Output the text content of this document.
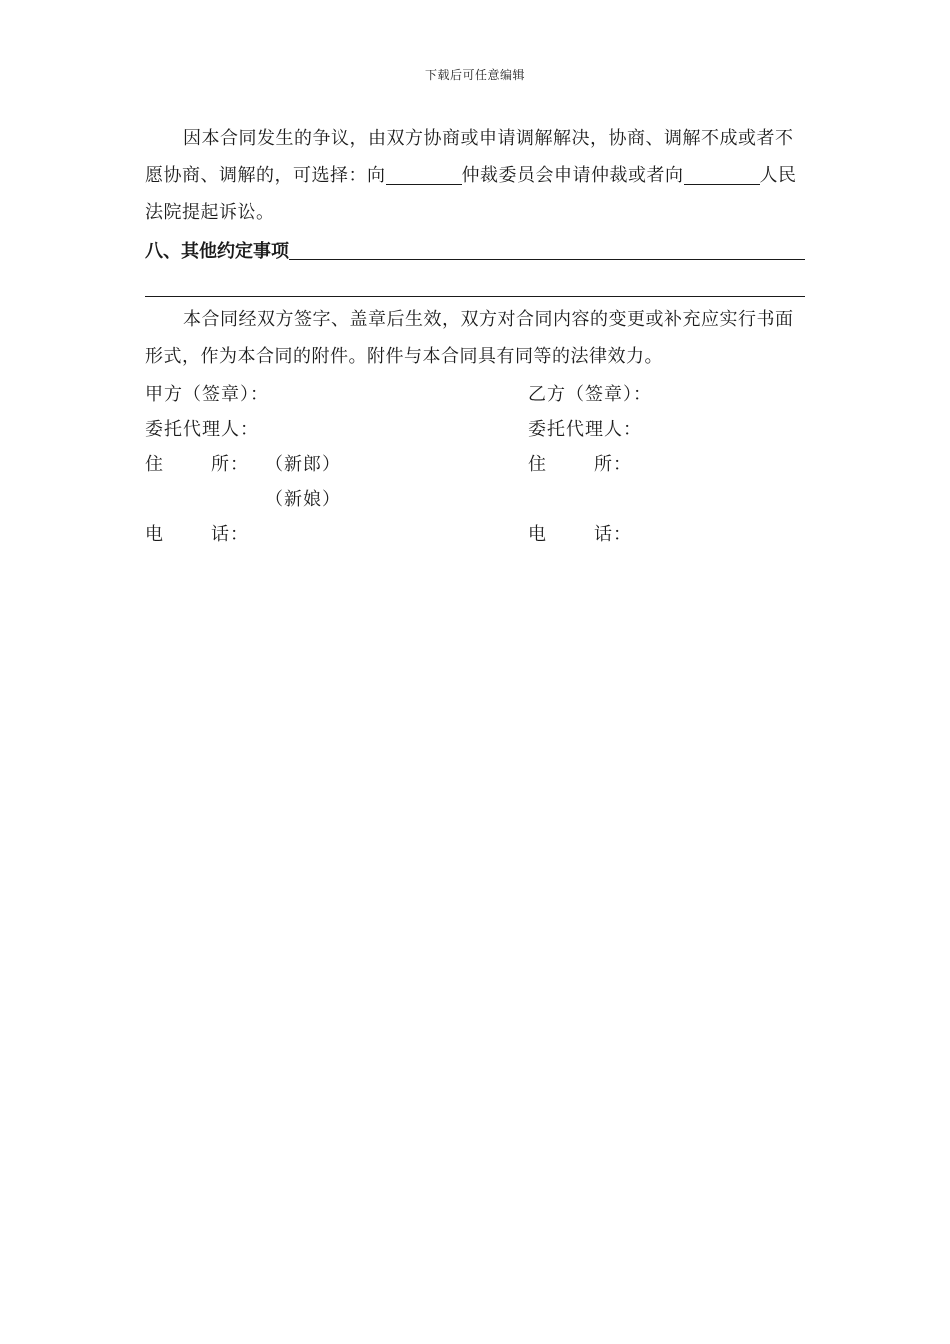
下载后可任意编辑

因本合同发生的争议，由双方协商或申请调解解决，协商、调解不成或者不愿协商、调解的，可选择：向	仲裁委员会申请仲裁或者向	人民法院提起诉讼。

八、其他约定事项

本合同经双方签字、盖章后生效，双方对合同内容的变更或补充应实行书面形式，作为本合同的附件。附件与本合同具有同等的法律效力。

甲方（签章）：	乙方（签章）：
委托代理人：	委托代理人：
住	所： （新郎）	住	所：
（新娘）
电	话：	电	话：
